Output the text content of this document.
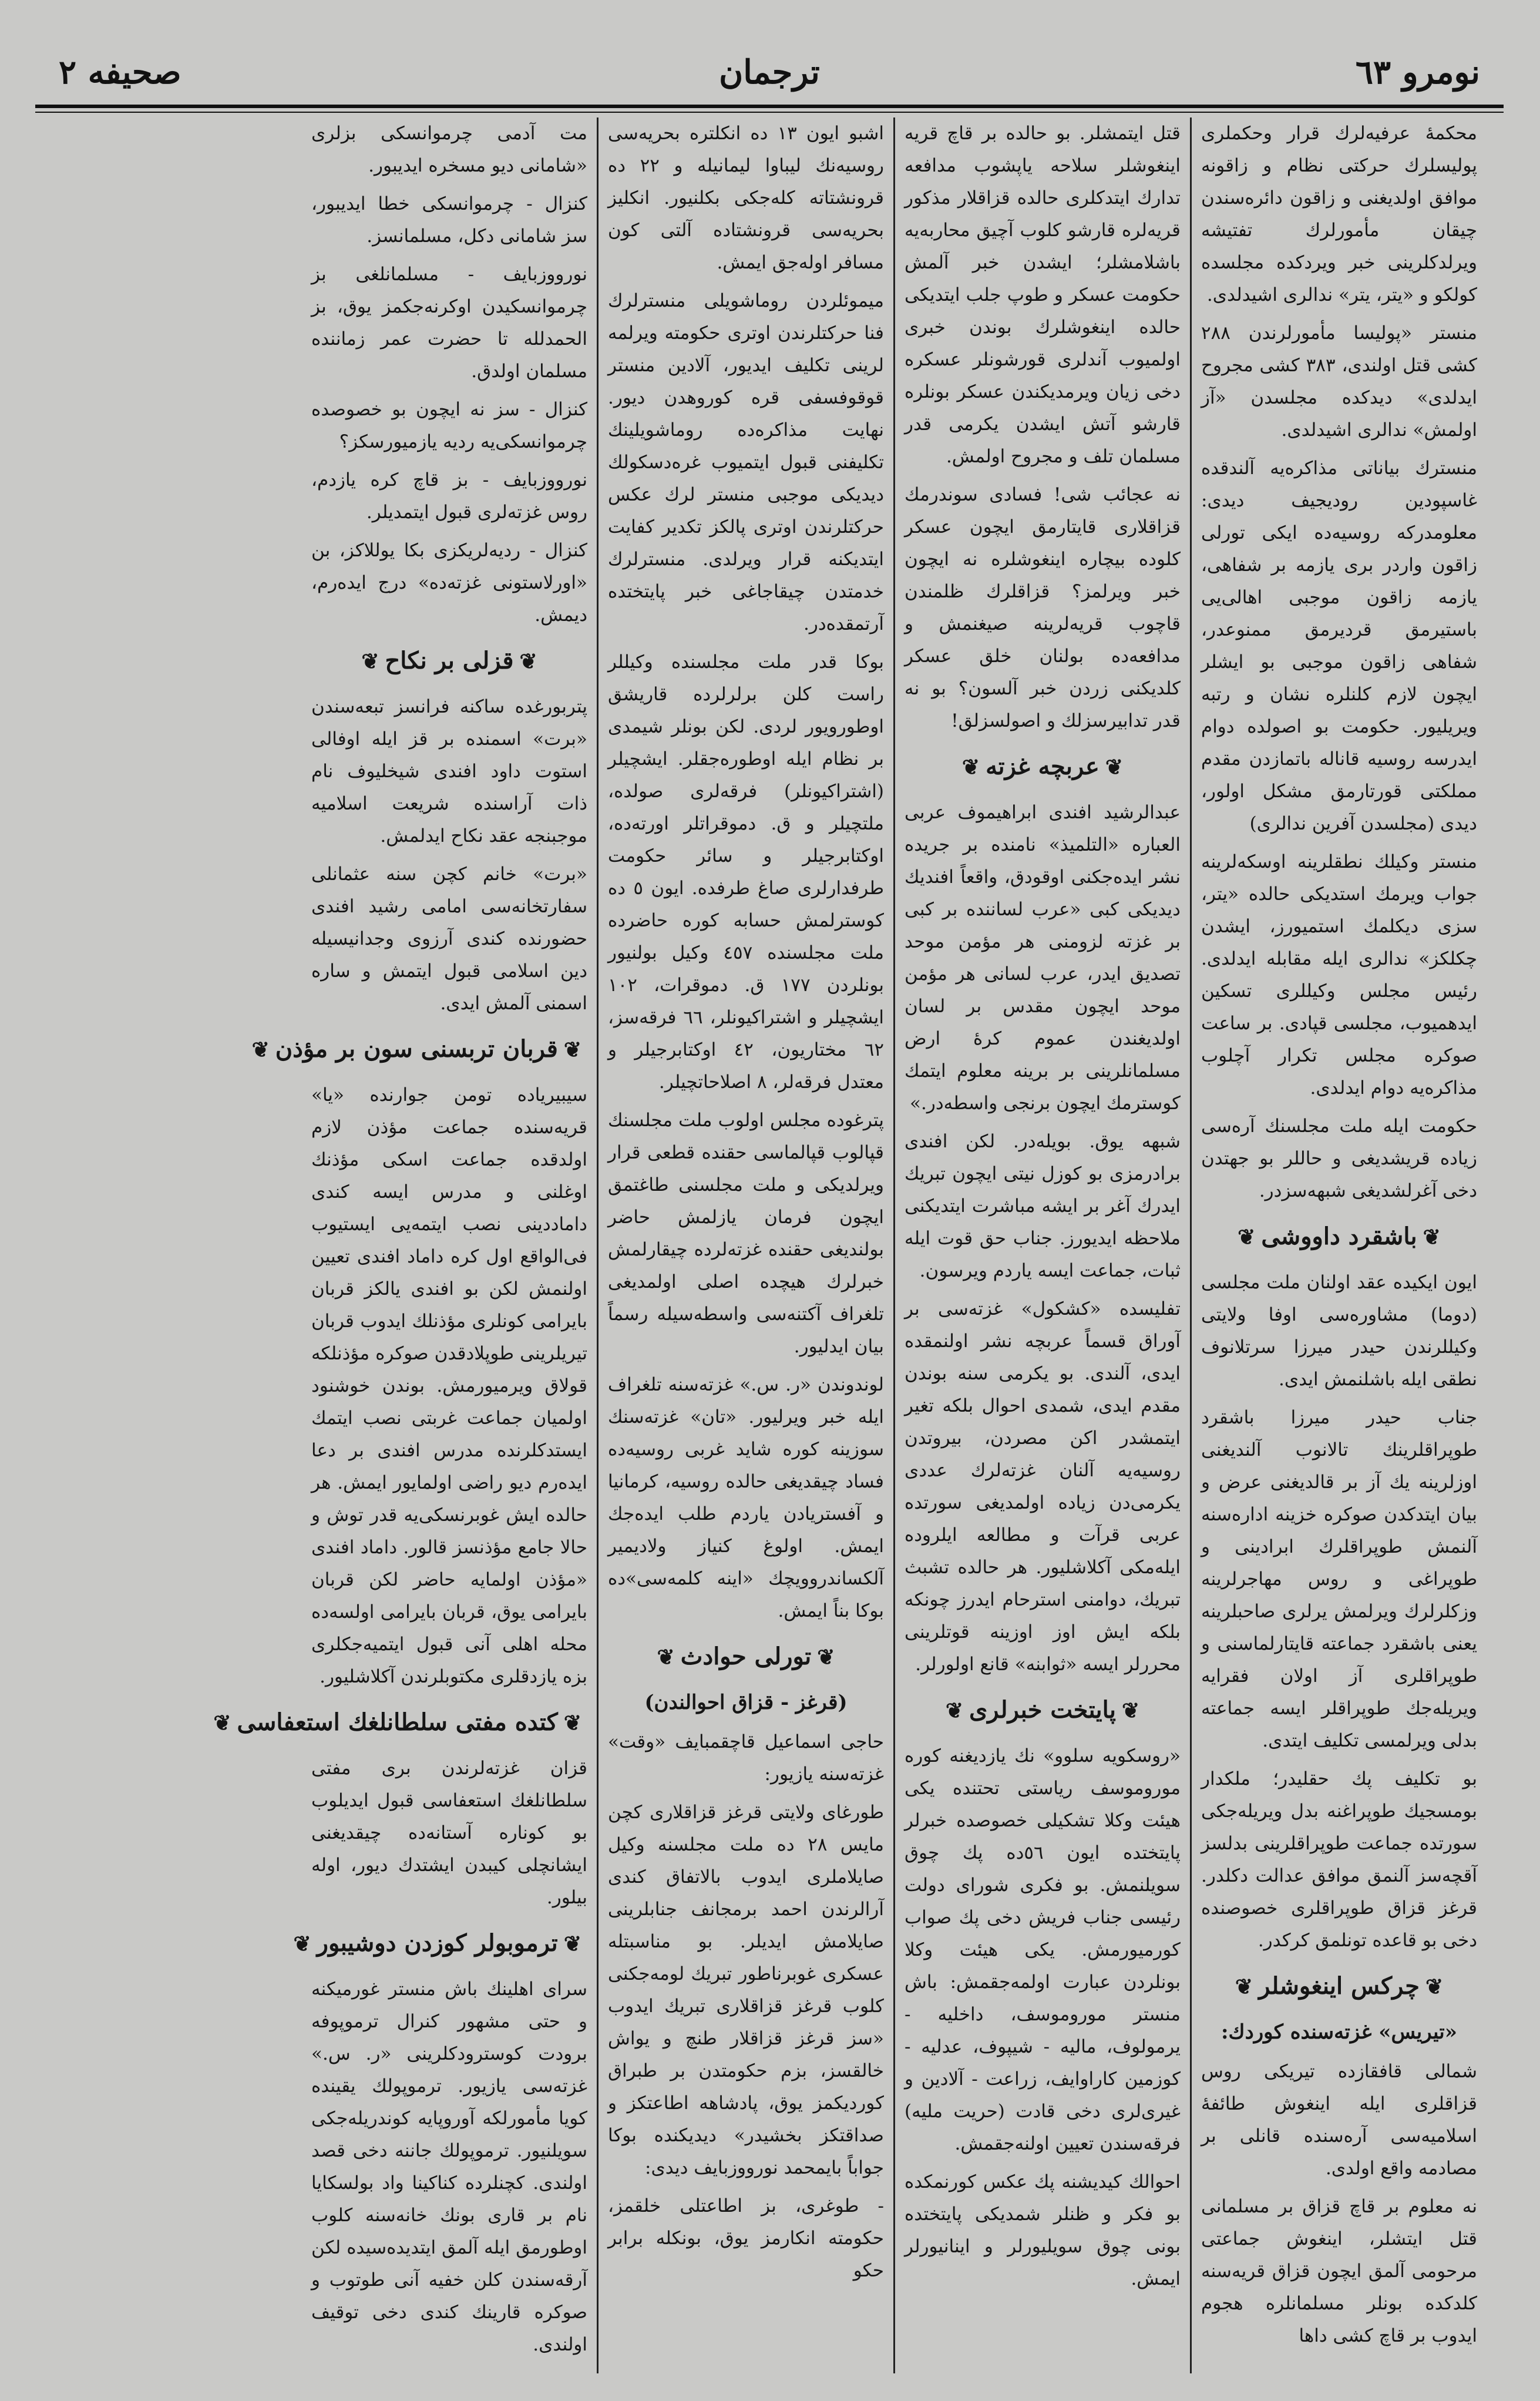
صحیفه ۲	ترجمان	نومرو ٦٣

محکمهٔ عرفیه‌لرك قرار وحکملری پولیسلرك حرکتی نظام و زاقونه موافق اولدیغنی و زاقون دائره‌سندن چیقان مأمورلرك تفتیشه ویرلدکلرینی خبر ویردکده مجلسده کولکو و «یتر، یتر» ندالری اشیدلدی.

منستر «پولیسا مأمورلرندن ۲۸۸ کشی قتل اولندی، ۳۸۳ کشی مجروح ایدلدی» دیدکده مجلسدن «آز اولمش» ندالری اشیدلدی.

منسترك بیاناتی مذاکره‌یه آلندقده غاسپودین رودیجیف دیدی: معلومدرکه روسیه‌ده ایکی تورلی زاقون واردر بری یازمه بر شفاهی، یازمه زاقون موجبی اهالی‌یی باستیرمق قردیرمق ممنوعدر، شفاهی زاقون موجبی بو ایشلر ایچون لازم کلنلره نشان و رتبه ویریلیور. حکومت بو اصولده دوام ایدرسه روسیه قاناله باتمازدن مقدم مملکتی قورتارمق مشکل اولور، دیدی (مجلسدن آفرین ندالری)

منستر وکیلك نطقلرینه اوسکه‌لرینه جواب ویرمك استدیکی حالده «یتر، سزی دیکلمك استمیورز، ایشدن چکلکز» ندالری ایله مقابله ایدلدی. رئیس مجلس وکیللری تسکین ایدهمیوب، مجلسی قپادی. بر ساعت صوکره مجلس تکرار آچلوب مذاکره‌یه دوام ایدلدی.

حکومت ایله ملت مجلسنك آره‌سی زیاده قریشدیغی و حاللر بو جهتدن دخی آغرلشدیغی شبهه‌سزدر.

❦باشقرد داووشی❦

ایون ایکیده عقد اولنان ملت مجلسی (دوما) مشاوره‌سی اوفا ولایتی وکیللرندن حیدر میرزا سرتلانوف نطقی ایله باشلنمش ایدی.

جناب حیدر میرزا باشقرد طوپراقلرینك تالانوب آلندیغنی اوزلرینه یك آز بر قالدیغنی عرض و بیان ایتدکدن صوکره خزینه اداره‌سنه آلنمش طوپراقلرك ابرادینی و طوپراغی و روس مهاجرلرینه وزکلرلرك ویرلمش یرلری صاحبلرینه یعنی باشقرد جماعته قایتارلماسنی و طوپراقلری آز اولان فقرایه ویریله‌جك طوپراقلر ایسه جماعته بدلی ویرلمسی تکلیف ایتدی.

بو تکلیف پك حقلیدر؛ ملکدار بومسجیك طوپراغنه بدل ویریله‌جکی سورتده جماعت طوپراقلرینی بدلسز آقچه‌سز آلنمق موافق عدالت دکلدر. قرغز قزاق طوپراقلری خصوصنده دخی بو قاعده تونلمق کرکدر.

❦چرکس اینغوشلر❦
«تیریس» غزته‌سنده کوردك:

شمالی قافقازده تیریکی روس قزاقلری ایله اینغوش طائفهٔ اسلامیه‌سی آره‌سنده قانلی بر مصادمه واقع اولدی.

نه معلوم بر قاچ قزاق بر مسلمانی قتل ایتشلر، اینغوش جماعتی مرحومی آلمق ایچون قزاق قریه‌سنه کلدکده بونلر مسلمانلره هجوم ایدوب بر قاچ کشی داها

قتل ایتمشلر. بو حالده بر قاچ قریه اینغوشلر سلاحه یاپشوب مدافعه تدارك ایتدکلری حالده قزاقلار مذکور قریه‌لره قارشو کلوب آچیق محاربه‌یه باشلامشلر؛ ایشدن خبر آلمش حکومت عسکر و طوپ جلب ایتدیکی حالده اینغوشلرك بوندن خبری اولمیوب آندلری قورشونلر عسکره دخی زیان ویرمدیکندن عسکر بونلره قارشو آتش ایشدن یکرمی قدر مسلمان تلف و مجروح اولمش.

نه عجائب شی! فسادی سوندرمك قزاقلاری قایتارمق ایچون عسکر کلوده بیچاره اینغوشلره نه ایچون خبر ویرلمز؟ قزاقلرك ظلمندن قاچوب قریه‌لرینه صیغنمش و مدافعه‌ده بولنان خلق عسکر کلدیکنی زردن خبر آلسون؟ بو نه قدر تدابیرسزلك و اصولسزلق!

❦عربچه غزته❦

عبدالرشید افندی ابراهیموف عربی العباره «التلمیذ» نامنده بر جریده نشر ایده‌جکنی اوقودق، واقعاً افندیك دیدیکی کبی «عرب لساننده بر کبی بر غزته لزومنی هر مؤمن موحد تصدیق ایدر، عرب لسانی هر مؤمن موحد ایچون مقدس بر لسان اولدیغندن عموم کرهٔ ارض مسلمانلرینی بر برینه معلوم ایتمك کوسترمك ایچون برنجی واسطه‌در.»

شبهه یوق. بویله‌در. لکن افندی برادرمزی بو کوزل نیتی ایچون تبریك ایدرك آغر بر ایشه مباشرت ایتدیکنی ملاحظه ایدیورز. جناب حق قوت ایله ثبات، جماعت ایسه یاردم ویرسون.

تفلیسده «کشکول» غزته‌سی بر آوراق قسماً عربچه نشر اولنمقده ایدی، آلندی. بو یکرمی سنه بوندن مقدم ایدی، شمدی احوال بلکه تغیر ایتمشدر اکن مصردن، بیروتدن روسیه‌یه آلنان غزته‌لرك عددی یکرمی‌دن زیاده اولمدیغی سورتده عربی قرآت و مطالعه ایلروده ایله‌مکی آکلاشلیور. هر حالده تشبث تبریك، دوامنی استرحام ایدرز چونکه بلکه ایش اوز اوزینه قوتلرینی محررلر ایسه «ثوابنه» قانع اولورلر.

❦پایتخت خبرلری❦

«روسکویه سلوو» نك یازدیغنه کوره موروموسف ریاستی تحتنده یکی هیئت وکلا تشکیلی خصوصده خبرلر پایتختده ایون ٥٦ده پك چوق سویلنمش. بو فکری شورای دولت رئیسی جناب فریش دخی پك صواب کورمیورمش. یکی هیئت وکلا بونلردن عبارت اولمه‌جقمش: باش منستر موروموسف، داخلیه - یرمولوف، مالیه - شیپوف، عدلیه - کوزمین کاراوایف، زراعت - آلادین و غیری‌لری دخی قادت (حریت ملیه) فرقه‌سندن تعیین اولنه‌جقمش.

احوالك کیدیشنه پك عکس کورنمکده بو فکر و ظنلر شمدیکی پایتختده بونی چوق سویلیورلر و اینانیورلر ایمش.

اشبو ایون ۱۳ ده انکلتره بحریه‌سی روسیه‌نك لیباوا لیمانیله و ۲۲ ده قرونشتاته کله‌جکی بکلنیور. انکلیز بحریه‌سی قرونشتاده آلتی کون مسافر اوله‌جق ایمش.

میموئلردن روماشویلی منسترلرك فنا حرکتلرندن اوتری حکومته ویرلمه لرینی تکلیف ایدیور، آلادین منستر قوقوفسفی قره کوروهدن دیور. نهایت مذاکره‌ده روماشویلینك تکلیفنی قبول ایتمیوب غره‌دسکولك دیدیکی موجبی منستر لرك عکس حرکتلرندن اوتری پالکز تکدیر کفایت ایتدیکنه قرار ویرلدی. منسترلرك خدمتدن چیقاجاغی خبر پایتختده آرتمقده‌در.

بوکا قدر ملت مجلسنده وکیللر راست کلن برلرلرده قاریشق اوطورویور لردی. لکن بونلر شیمدی بر نظام ایله اوطوره‌جقلر. ایشچیلر (اشتراکیونلر) فرقه‌لری صولده، ملتچیلر و ق. دموقراتلر اورته‌ده، اوکتابرجیلر و سائر حکومت طرفدارلری صاغ طرفده. ایون ٥ ده کوسترلمش حسابه کوره حاضرده ملت مجلسنده ٤٥٧ وکیل بولنیور بونلردن ۱۷۷ ق. دموقرات، ۱۰۲ ایشچیلر و اشتراکیونلر، ٦٦ فرقه‌سز، ٦٢ مختاریون، ٤٢ اوکتابرجیلر و معتدل فرقه‌لر، ٨ اصلاحاتچیلر.

پترغوده مجلس اولوب ملت مجلسنك قپالوب قپالماسی حقنده قطعی قرار ویرلدیکی و ملت مجلسنی طاغتمق ایچون فرمان یازلمش حاضر بولندیغی حقنده غزته‌لرده چیقارلمش خبرلرك هیچده اصلی اولمدیغی تلغراف آکتنه‌سی واسطه‌سیله رسماً بیان ایدلیور.

لوندوندن «ر. س.» غزته‌سنه تلغراف ایله خبر ویرلیور. «تان» غزته‌سنك سوزینه کوره شاید غربی روسیه‌ده فساد چیقدیغی حالده روسیه، کرمانیا و آفستریادن یاردم طلب ایده‌جك ایمش. اولوغ کنیاز ولادیمیر آلکساندروویچك «اینه کلمه‌سی»ده بوکا بناً ایمش.

❦تورلی حوادث❦
(قرغز - قزاق احوالندن)

حاجی اسماعیل قاچقمبایف «وقت» غزته‌سنه یازیور:

طورغای ولایتی قرغز قزاقلاری کچن مایس ۲۸ ده ملت مجلسنه وکیل صایلاملری ایدوب بالاتفاق کندی آرالرندن احمد برمجانف جنابلرینی صایلامش ایدیلر. بو مناسبتله عسکری غوبرناطور تبریك لومه‌جکنی کلوب قرغز قزاقلاری تبریك ایدوب «سز قرغز قزاقلار طنچ و یواش خالقسز، بزم حکومتدن بر طبراق کوردیکمز یوق، پادشاهه اطاعتکز و صداقتکز بخشیدر» دیدیکنده بوکا جواباً بایمحمد نورووزبایف دیدی:

- طوغری، بز اطاعتلی خلقمز، حکومته انکارمز یوق، بونکله برابر حکو

مت آدمی چرموانسکی بزلری «شامانی دیو مسخره ایدیبور.

کنزال - چرموانسکی خطا ایدیبور، سز شامانی دکل، مسلمانسز.

نورووزبایف - مسلمانلغی بز چرموانسکیدن اوکرنه‌جکمز یوق، بز الحمدلله تا حضرت عمر زماننده مسلمان اولدق.

کنزال - سز نه ایچون بو خصوصده چرموانسکی‌یه ردیه یازمیورسکز؟

نورووزبایف - بز قاچ کره یازدم، روس غزته‌لری قبول ایتمدیلر.

کنزال - ردیه‌لریکزی بکا یوللاکز، بن «اورلاستونی غزته‌ده» درج ایده‌رم، دیمش.

❦قزلی بر نکاح❦

پتربورغده ساکنه فرانسز تبعه‌سندن «برت» اسمنده بر قز ایله اوفالی استوت داود افندی شیخلیوف نام ذات آراسنده شریعت اسلامیه موجبنجه عقد نکاح ایدلمش.

«برت» خانم کچن سنه عثمانلی سفارتخانه‌سی امامی رشید افندی حضورنده کندی آرزوی وجدانیسیله دین اسلامی قبول ایتمش و ساره اسمنی آلمش ایدی.

❦قربان تربسنی سون بر مؤذن❦

سیبیریاده تومن جوارنده «یا» قریه‌سنده جماعت مؤذن لازم اولدقده جماعت اسکی مؤذنك اوغلنی و مدرس ایسه کندی داماددینی نصب ایتمه‌یی ایستیوب فی‌الواقع اول کره داماد افندی تعیین اولنمش لکن بو افندی یالکز قربان بایرامی کونلری مؤذنلك ایدوب قربان تیریلرینی طوپلادقدن صوکره مؤذنلکه قولاق ویرمیورمش. بوندن خوشنود اولمیان جماعت غربتی نصب ایتمك ایستدکلرنده مدرس افندی بر دعا ایده‌رم دیو راضی اولمایور ایمش. هر حالده ایش غوبرنسکی‌یه قدر توش و حالا جامع مؤذنسز قالور. داماد افندی «مؤذن اولمایه حاضر لکن قربان بایرامی یوق، قربان بایرامی اولسه‌ده محله اهلی آنی قبول ایتمیه‌جکلری بزه یازدقلری مکتوبلرندن آکلاشلیور.

❦کتده مفتی سلطانلغك استعفاسی❦

قزان غزته‌لرندن بری مفتی سلطانلغك استعفاسی قبول ایدیلوب بو کوناره آستانه‌ده چیقدیغنی ایشانچلی کیبدن ایشتدك دیور، اوله بیلور.

❦ترموبولر کوزدن دوشیبور❦

سرای اهلینك باش منستر غورمیکنه و حتی مشهور کنرال ترموپوفه برودت کوسترودکلرینی «ر. س.» غزته‌سی یازیور. ترموپولك یقینده کویا مأمورلکه آوروپایه کوندریله‌جکی سویلنیور. ترموپولك جاننه دخی قصد اولندی. کچنلرده کناکینا واد بولسکایا نام بر قاری بونك خانه‌سنه کلوب اوطورمق ایله آلمق ایتدیده‌سیده لکن آرقه‌سندن کلن خفیه آنی طوتوب و صوکره قارینك کندی دخی توقیف اولندی.
